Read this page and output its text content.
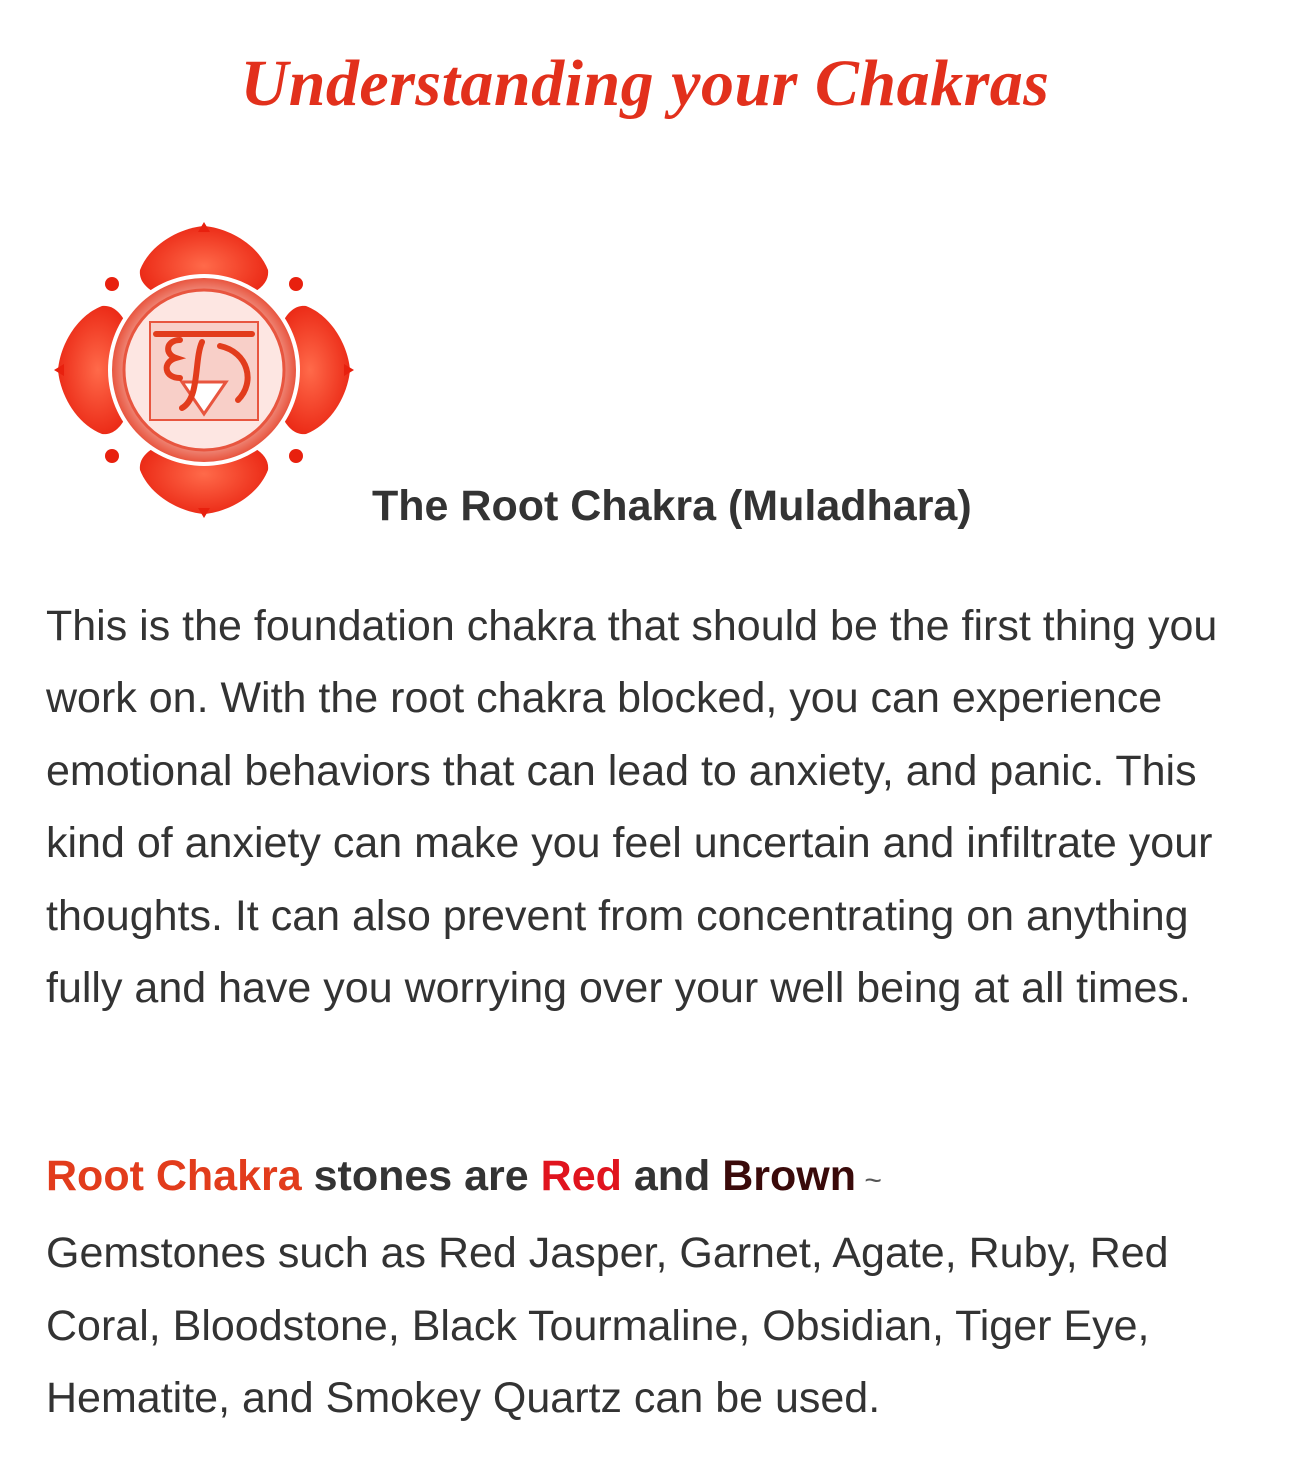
Understanding your Chakras
The Root Chakra (Muladhara)

This is the foundation chakra that should be the first thing you work on. With the root chakra blocked, you can experience emotional behaviors that can lead to anxiety, and panic. This kind of anxiety can make you feel uncertain and infiltrate your thoughts. It can also prevent from concentrating on anything fully and have you worrying over your well being at all times.

Root Chakra stones are Red and Brown ~
Gemstones such as Red Jasper, Garnet, Agate, Ruby, Red Coral, Bloodstone, Black Tourmaline, Obsidian, Tiger Eye, Hematite, and Smokey Quartz can be used.
